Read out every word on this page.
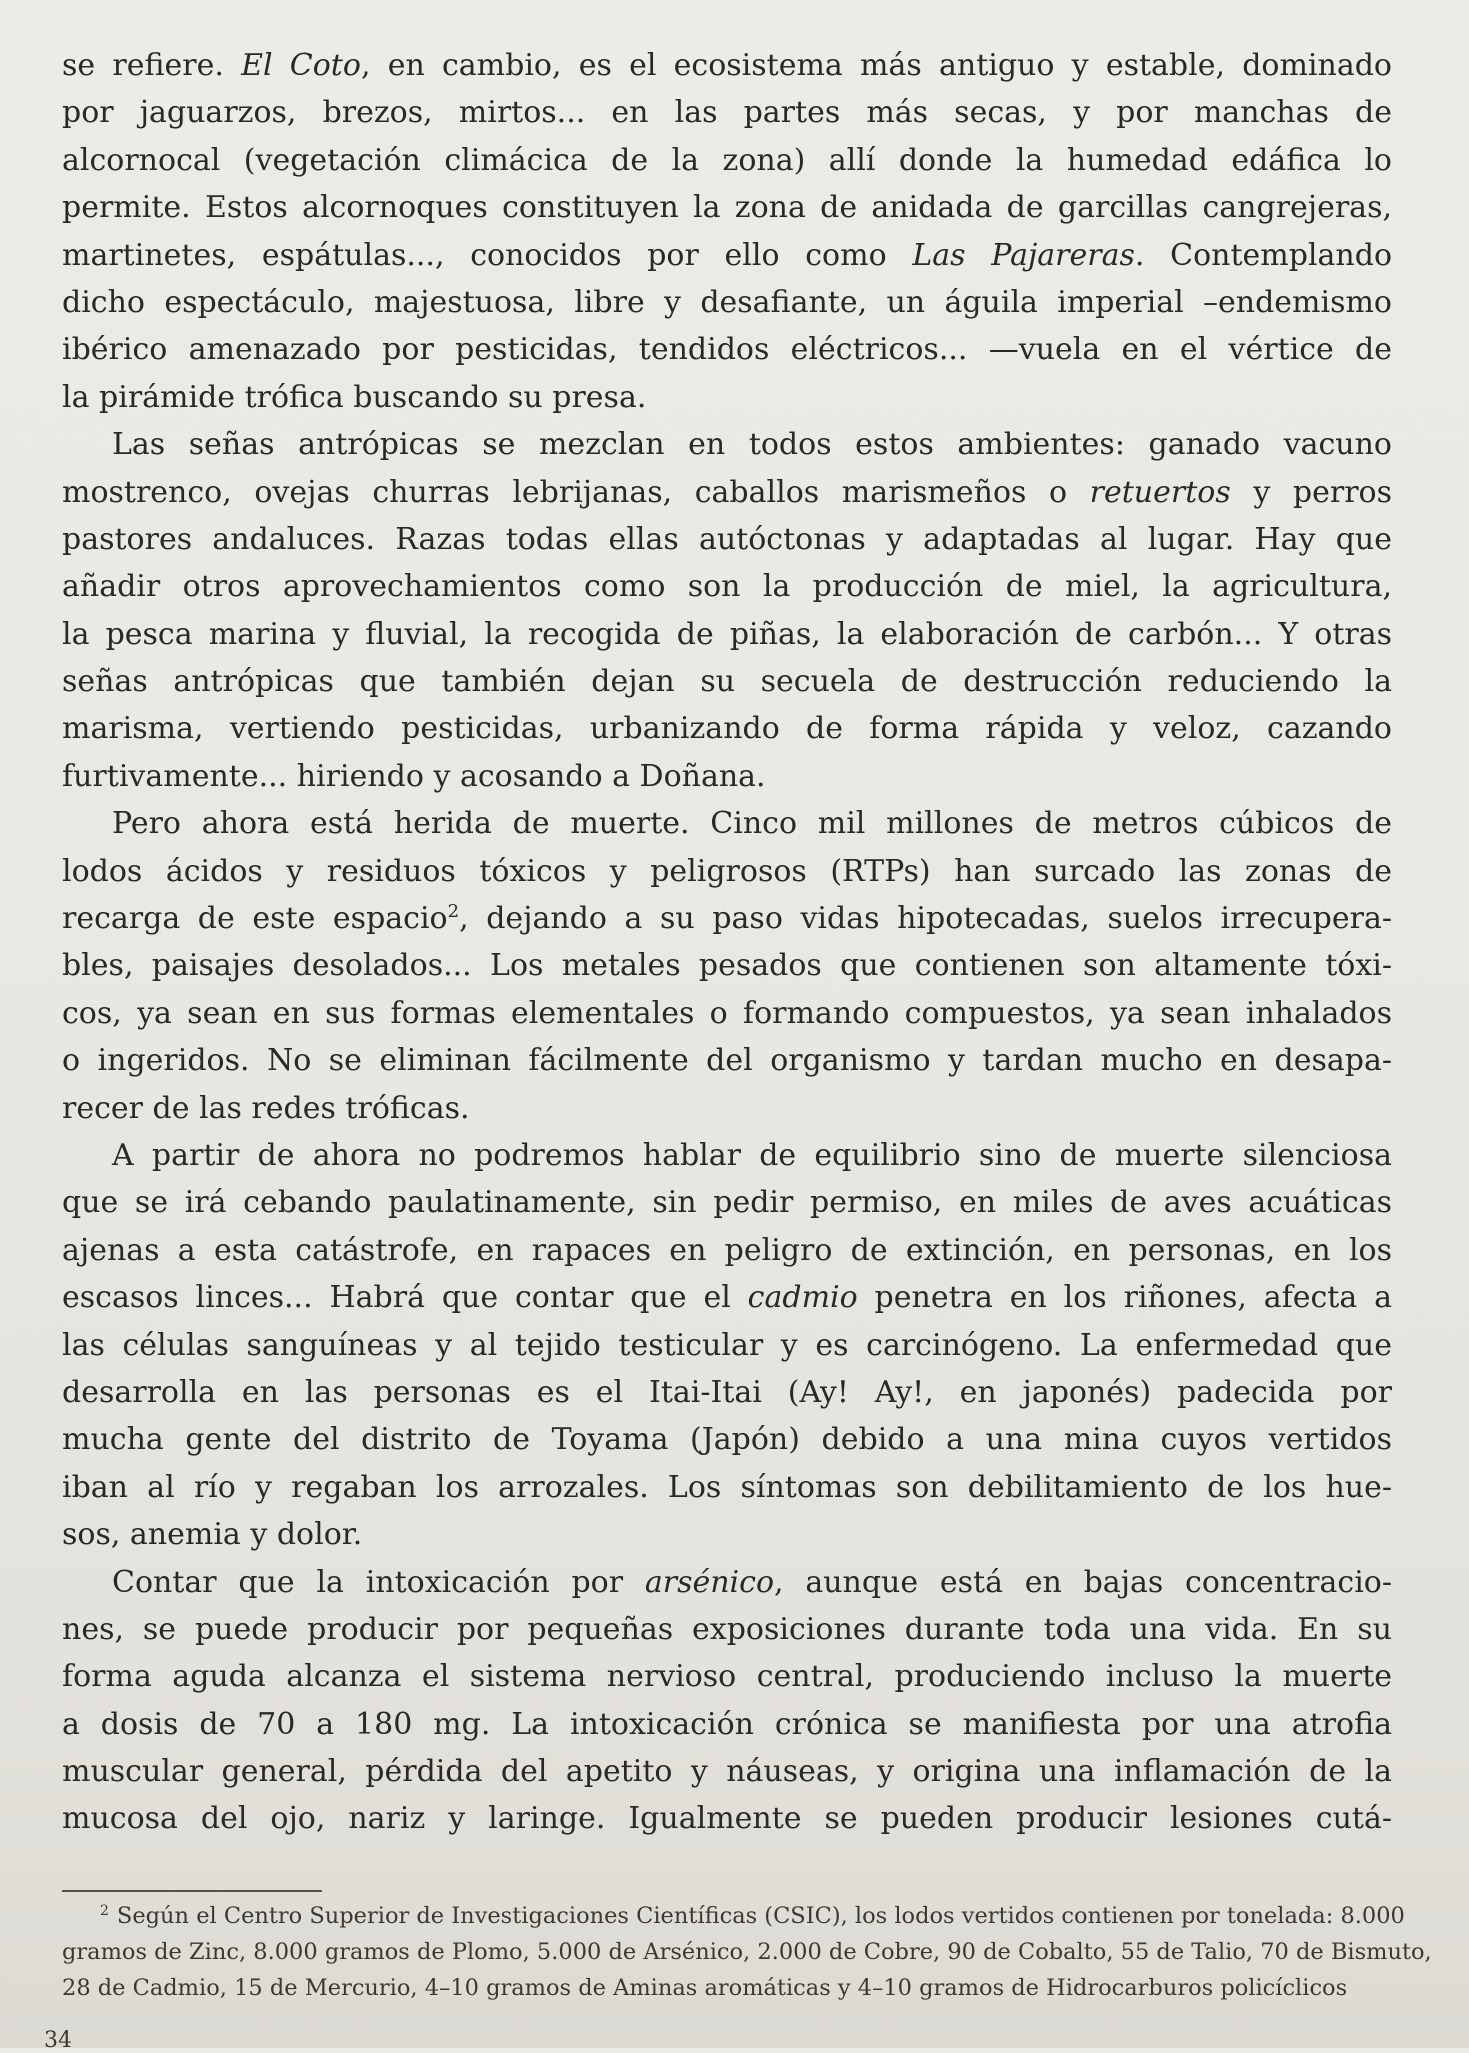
se refiere. El Coto, en cambio, es el ecosistema más antiguo y estable, dominado
por jaguarzos, brezos, mirtos... en las partes más secas, y por manchas de
alcornocal (vegetación climácica de la zona) allí donde la humedad edáfica lo
permite. Estos alcornoques constituyen la zona de anidada de garcillas cangrejeras,
martinetes, espátulas..., conocidos por ello como Las Pajareras. Contemplando
dicho espectáculo, majestuosa, libre y desafiante, un águila imperial –endemismo
ibérico amenazado por pesticidas, tendidos eléctricos... —vuela en el vértice de
la pirámide trófica buscando su presa.
Las señas antrópicas se mezclan en todos estos ambientes: ganado vacuno
mostrenco, ovejas churras lebrijanas, caballos marismeños o retuertos y perros
pastores andaluces. Razas todas ellas autóctonas y adaptadas al lugar. Hay que
añadir otros aprovechamientos como son la producción de miel, la agricultura,
la pesca marina y fluvial, la recogida de piñas, la elaboración de carbón... Y otras
señas antrópicas que también dejan su secuela de destrucción reduciendo la
marisma, vertiendo pesticidas, urbanizando de forma rápida y veloz, cazando
furtivamente... hiriendo y acosando a Doñana.
Pero ahora está herida de muerte. Cinco mil millones de metros cúbicos de
lodos ácidos y residuos tóxicos y peligrosos (RTPs) han surcado las zonas de
recarga de este espacio$^2$, dejando a su paso vidas hipotecadas, suelos irrecupera-
bles, paisajes desolados... Los metales pesados que contienen son altamente tóxi-
cos, ya sean en sus formas elementales o formando compuestos, ya sean inhalados
o ingeridos. No se eliminan fácilmente del organismo y tardan mucho en desapa-
recer de las redes tróficas.
A partir de ahora no podremos hablar de equilibrio sino de muerte silenciosa
que se irá cebando paulatinamente, sin pedir permiso, en miles de aves acuáticas
ajenas a esta catástrofe, en rapaces en peligro de extinción, en personas, en los
escasos linces... Habrá que contar que el cadmio penetra en los riñones, afecta a
las células sanguíneas y al tejido testicular y es carcinógeno. La enfermedad que
desarrolla en las personas es el Itai-Itai (Ay! Ay!, en japonés) padecida por
mucha gente del distrito de Toyama (Japón) debido a una mina cuyos vertidos
iban al río y regaban los arrozales. Los síntomas son debilitamiento de los hue-
sos, anemia y dolor.
Contar que la intoxicación por arsénico, aunque está en bajas concentracio-
nes, se puede producir por pequeñas exposiciones durante toda una vida. En su
forma aguda alcanza el sistema nervioso central, produciendo incluso la muerte
a dosis de 70 a 180 mg. La intoxicación crónica se manifiesta por una atrofia
muscular general, pérdida del apetito y náuseas, y origina una inflamación de la
mucosa del ojo, nariz y laringe. Igualmente se pueden producir lesiones cutá-
$^2$ Según el Centro Superior de Investigaciones Científicas (CSIC), los lodos vertidos contienen por tonelada: 8.000
gramos de Zinc, 8.000 gramos de Plomo, 5.000 de Arsénico, 2.000 de Cobre, 90 de Cobalto, 55 de Talio, 70 de Bismuto,
28 de Cadmio, 15 de Mercurio, 4–10 gramos de Aminas aromáticas y 4–10 gramos de Hidrocarburos policíclicos
34
